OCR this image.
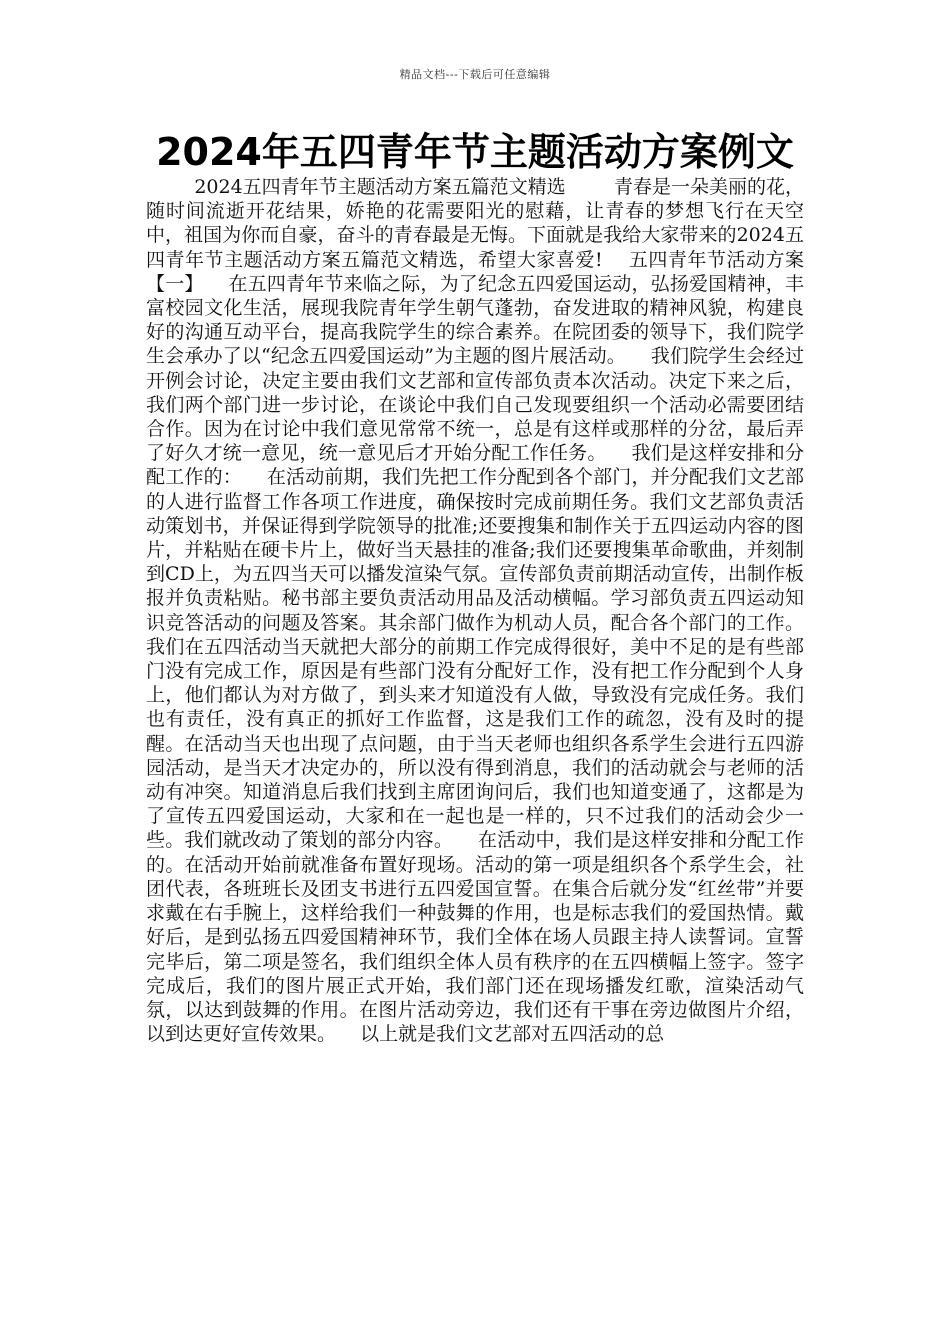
精品文档---下载后可任意编辑
2024年五四青年节主题活动方案例文
2024五四青年节主题活动方案五篇范文精选        青春是一朵美丽的花，随时间流逝开花结果，娇艳的花需要阳光的慰藉，让青春的梦想飞行在天空中，祖国为你而自豪，奋斗的青春最是无悔。下面就是我给大家带来的2024五四青年节主题活动方案五篇范文精选，希望大家喜爱!    五四青年节活动方案【一】    在五四青年节来临之际，为了纪念五四爱国运动，弘扬爱国精神，丰富校园文化生活，展现我院青年学生朝气蓬勃，奋发进取的精神风貌，构建良好的沟通互动平台，提高我院学生的综合素养。在院团委的领导下，我们院学生会承办了以“纪念五四爱国运动”为主题的图片展活动。    我们院学生会经过开例会讨论，决定主要由我们文艺部和宣传部负责本次活动。决定下来之后，我们两个部门进一步讨论，在谈论中我们自己发现要组织一个活动必需要团结合作。因为在讨论中我们意见常常不统一，总是有这样或那样的分岔，最后弄了好久才统一意见，统一意见后才开始分配工作任务。    我们是这样安排和分配工作的：    在活动前期，我们先把工作分配到各个部门，并分配我们文艺部的人进行监督工作各项工作进度，确保按时完成前期任务。我们文艺部负责活动策划书，并保证得到学院领导的批准;还要搜集和制作关于五四运动内容的图片，并粘贴在硬卡片上，做好当天悬挂的准备;我们还要搜集革命歌曲，并刻制到CD上，为五四当天可以播发渲染气氛。宣传部负责前期活动宣传，出制作板报并负责粘贴。秘书部主要负责活动用品及活动横幅。学习部负责五四运动知识竞答活动的问题及答案。其余部门做作为机动人员，配合各个部门的工作。    我们在五四活动当天就把大部分的前期工作完成得很好，美中不足的是有些部门没有完成工作，原因是有些部门没有分配好工作，没有把工作分配到个人身上，他们都认为对方做了，到头来才知道没有人做，导致没有完成任务。我们也有责任，没有真正的抓好工作监督，这是我们工作的疏忽，没有及时的提醒。在活动当天也出现了点问题，由于当天老师也组织各系学生会进行五四游园活动，是当天才决定办的，所以没有得到消息，我们的活动就会与老师的活动有冲突。知道消息后我们找到主席团询问后，我们也知道变通了，这都是为了宣传五四爱国运动，大家和在一起也是一样的，只不过我们的活动会少一些。我们就改动了策划的部分内容。    在活动中，我们是这样安排和分配工作的。在活动开始前就准备布置好现场。活动的第一项是组织各个系学生会，社团代表，各班班长及团支书进行五四爱国宣誓。在集合后就分发“红丝带”并要求戴在右手腕上，这样给我们一种鼓舞的作用，也是标志我们的爱国热情。戴好后，是到弘扬五四爱国精神环节，我们全体在场人员跟主持人读誓词。宣誓完毕后，第二项是签名，我们组织全体人员有秩序的在五四横幅上签字。签字完成后，我们的图片展正式开始，我们部门还在现场播发红歌，渲染活动气氛，以达到鼓舞的作用。在图片活动旁边，我们还有干事在旁边做图片介绍，以到达更好宣传效果。    以上就是我们文艺部对五四活动的总
